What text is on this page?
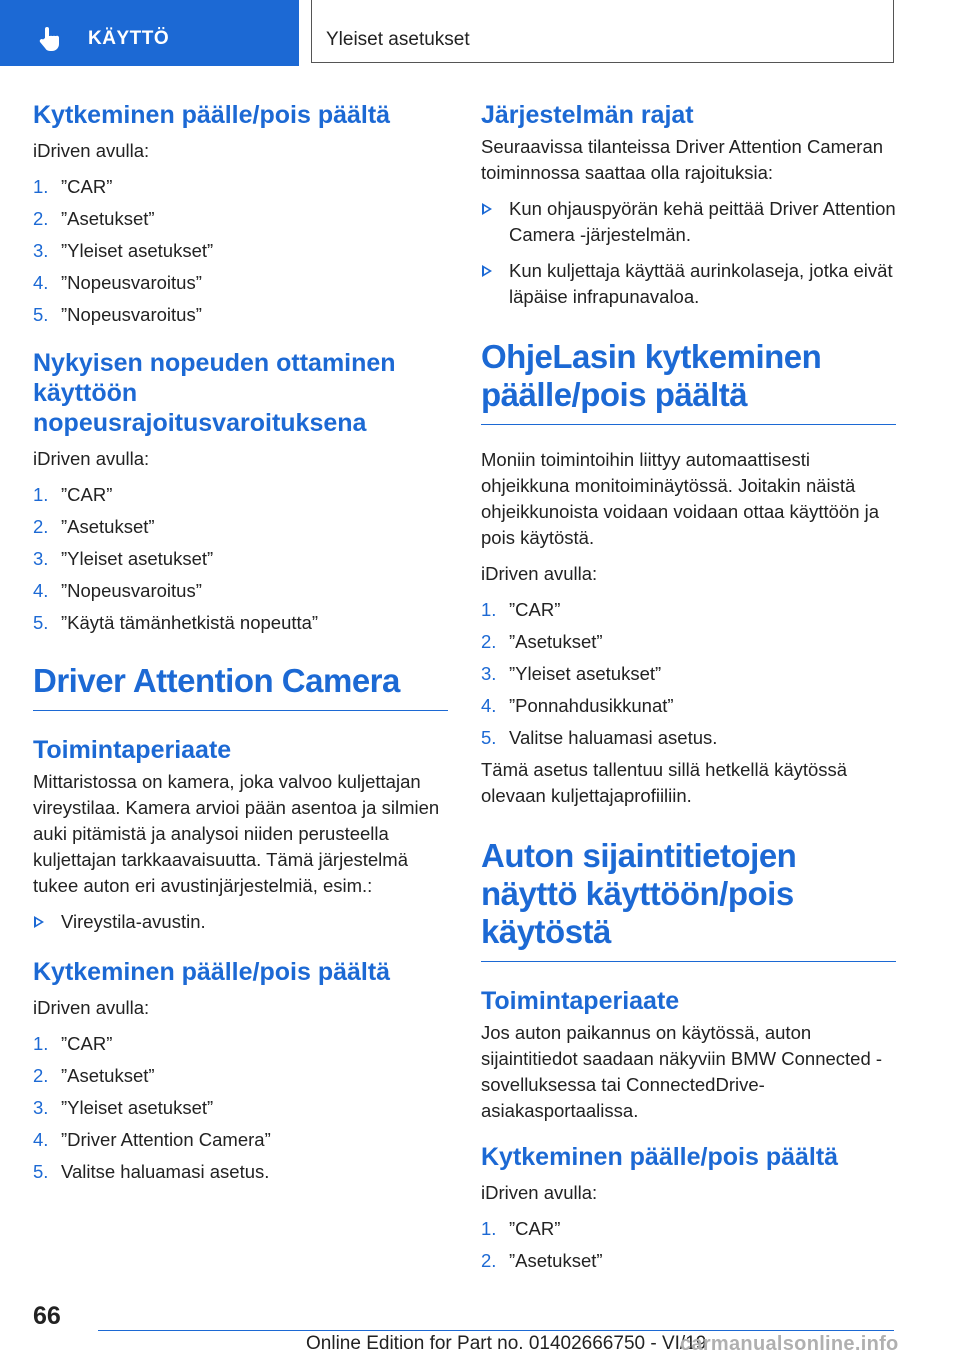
KÄYTTÖ	Yleiset asetukset
Kytkeminen päälle/pois päältä

iDriven avulla:

1. ”CAR”
2. ”Asetukset”
3. ”Yleiset asetukset”
4. ”Nopeusvaroitus”
5. ”Nopeusvaroitus”
Nykyisen nopeuden ottaminen käyttöön nopeusrajoitusvaroituksena

iDriven avulla:

1. ”CAR”
2. ”Asetukset”
3. ”Yleiset asetukset”
4. ”Nopeusvaroitus”
5. ”Käytä tämänhetkistä nopeutta”
Driver Attention Camera
Toimintaperiaate

Mittaristossa on kamera, joka valvoo kuljettajan vireystilaa. Kamera arvioi pään asentoa ja silmien auki pitämistä ja analysoi niiden perusteella kuljettajan tarkkaavaisuutta. Tämä järjestelmä tukee auton eri avustinjärjestelmiä, esim.:

Vireystila-avustin.
Kytkeminen päälle/pois päältä

iDriven avulla:

1. ”CAR”
2. ”Asetukset”
3. ”Yleiset asetukset”
4. ”Driver Attention Camera”
5. Valitse haluamasi asetus.
Järjestelmän rajat

Seuraavissa tilanteissa Driver Attention Cameran toiminnossa saattaa olla rajoituksia:

Kun ohjauspyörän kehä peittää Driver Attention Camera -järjestelmän.
Kun kuljettaja käyttää aurinkolaseja, jotka eivät läpäise infrapunavaloa.
OhjeLasin kytkeminen päälle/pois päältä

Moniin toimintoihin liittyy automaattisesti ohjeikkuna monitoiminäytössä. Joitakin näistä ohjeikkunoista voidaan voidaan ottaa käyttöön ja pois käytöstä.

iDriven avulla:

1. ”CAR”
2. ”Asetukset”
3. ”Yleiset asetukset”
4. ”Ponnahdusikkunat”
5. Valitse haluamasi asetus.

Tämä asetus tallentuu sillä hetkellä käytössä olevaan kuljettajaprofiiliin.

Auton sijaintitietojen näyttö käyttöön/pois käytöstä
Toimintaperiaate

Jos auton paikannus on käytössä, auton sijaintitiedot saadaan näkyviin BMW Connected -sovelluksessa tai ConnectedDrive-asiakasportaalissa.

Kytkeminen päälle/pois päältä

iDriven avulla:

1. ”CAR”
2. ”Asetukset”
66
Online Edition for Part no. 01402666750 - VI/19
carmanualsonline.info
